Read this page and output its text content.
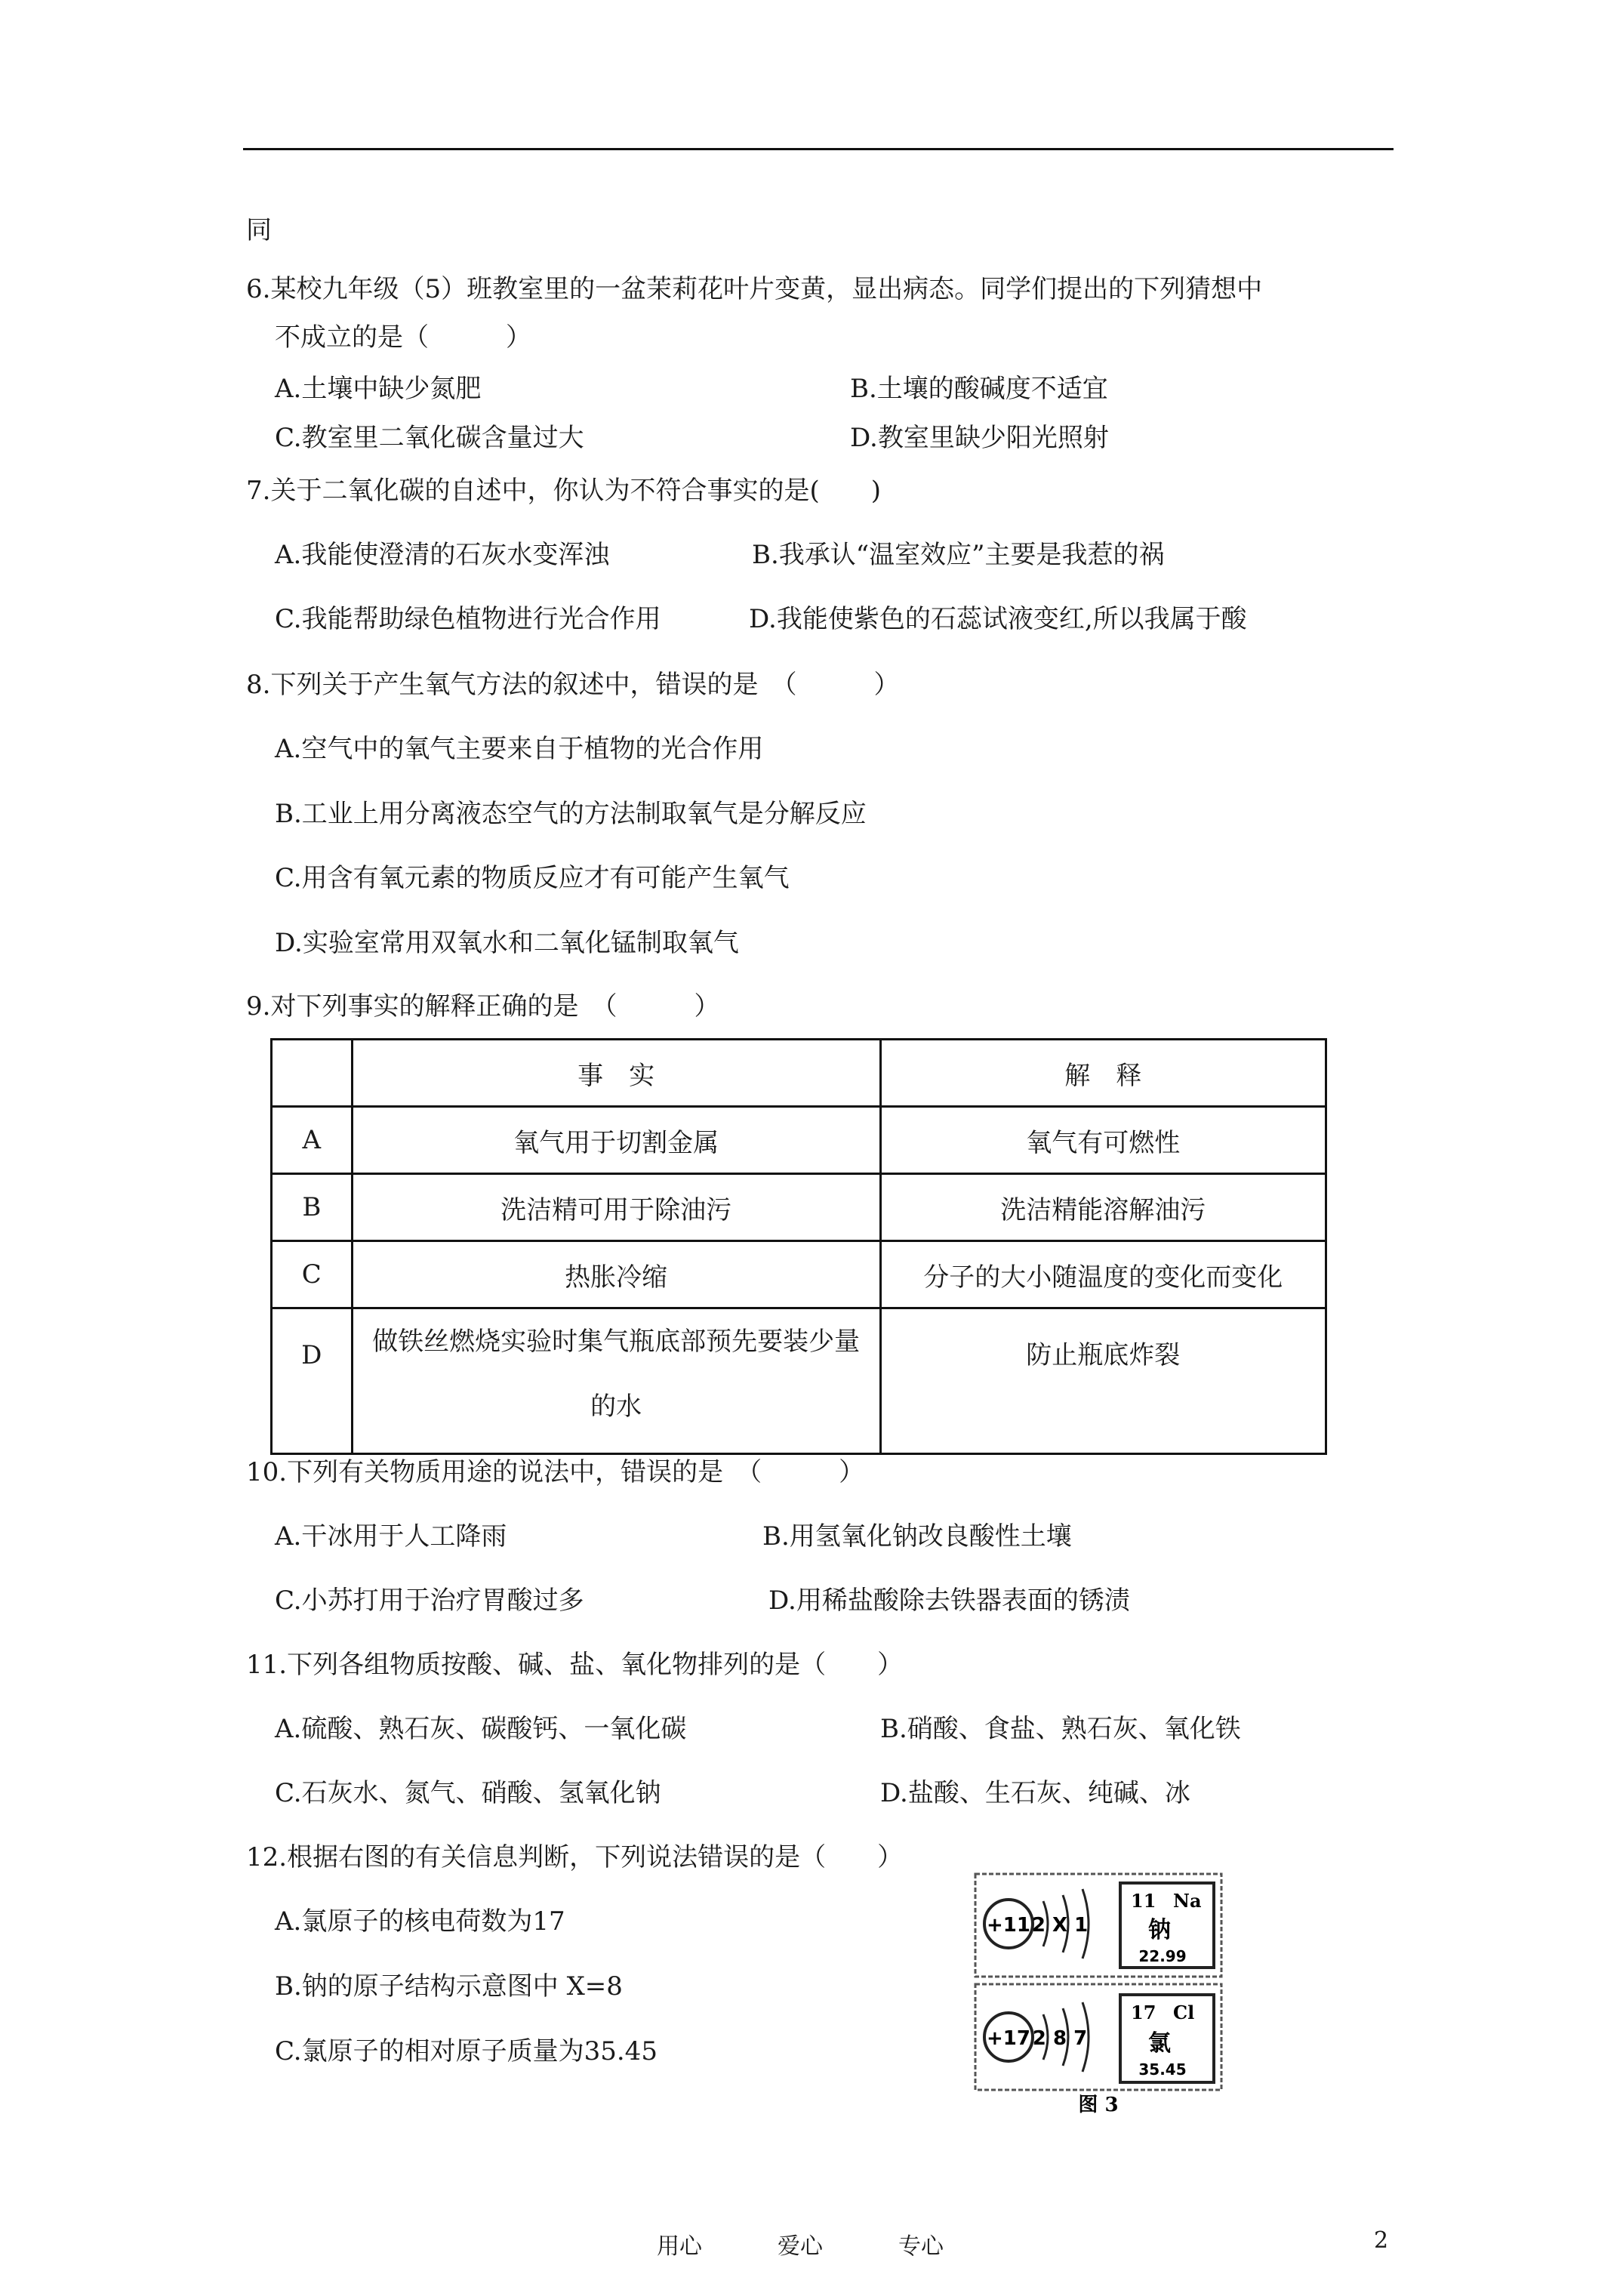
同
6.某校九年级（5）班教室里的一盆茉莉花叶片变黄，显出病态。同学们提出的下列猜想中
不成立的是（　　　）
A.土壤中缺少氮肥	B.土壤的酸碱度不适宜
C.教室里二氧化碳含量过大	D.教室里缺少阳光照射
7.关于二氧化碳的自述中，你认为不符合事实的是(　　)
A.我能使澄清的石灰水变浑浊	B.我承认“温室效应”主要是我惹的祸
C.我能帮助绿色植物进行光合作用	D.我能使紫色的石蕊试液变红,所以我属于酸
8.下列关于产生氧气方法的叙述中，错误的是　（　　　）
A.空气中的氧气主要来自于植物的光合作用
B.工业上用分离液态空气的方法制取氧气是分解反应
C.用含有氧元素的物质反应才有可能产生氧气
D.实验室常用双氧水和二氧化锰制取氧气
9.对下列事实的解释正确的是　（　　　）
	事　实	解　释
A	氧气用于切割金属	氧气有可燃性
B	洗洁精可用于除油污	洗洁精能溶解油污
C	热胀冷缩	分子的大小随温度的变化而变化
D	做铁丝燃烧实验时集气瓶底部预先要装少量的水	防止瓶底炸裂
10.下列有关物质用途的说法中，错误的是　（　　　）
A.干冰用于人工降雨	B.用氢氧化钠改良酸性土壤
C.小苏打用于治疗胃酸过多	D.用稀盐酸除去铁器表面的锈渍
11.下列各组物质按酸、碱、盐、氧化物排列的是（　　）
A.硫酸、熟石灰、碳酸钙、一氧化碳	B.硝酸、食盐、熟石灰、氧化铁
C.石灰水、氮气、硝酸、氢氧化钠	D.盐酸、生石灰、纯碱、冰
12.根据右图的有关信息判断，下列说法错误的是（　　）
A.氯原子的核电荷数为17
B.钠的原子结构示意图中 X=8
C.氯原子的相对原子质量为35.45
+11 2 X 1
11 Na
钠
22.99
+17 2 8 7
17 Cl
氯
35.45
图 3
用心	爱心	专心	2
